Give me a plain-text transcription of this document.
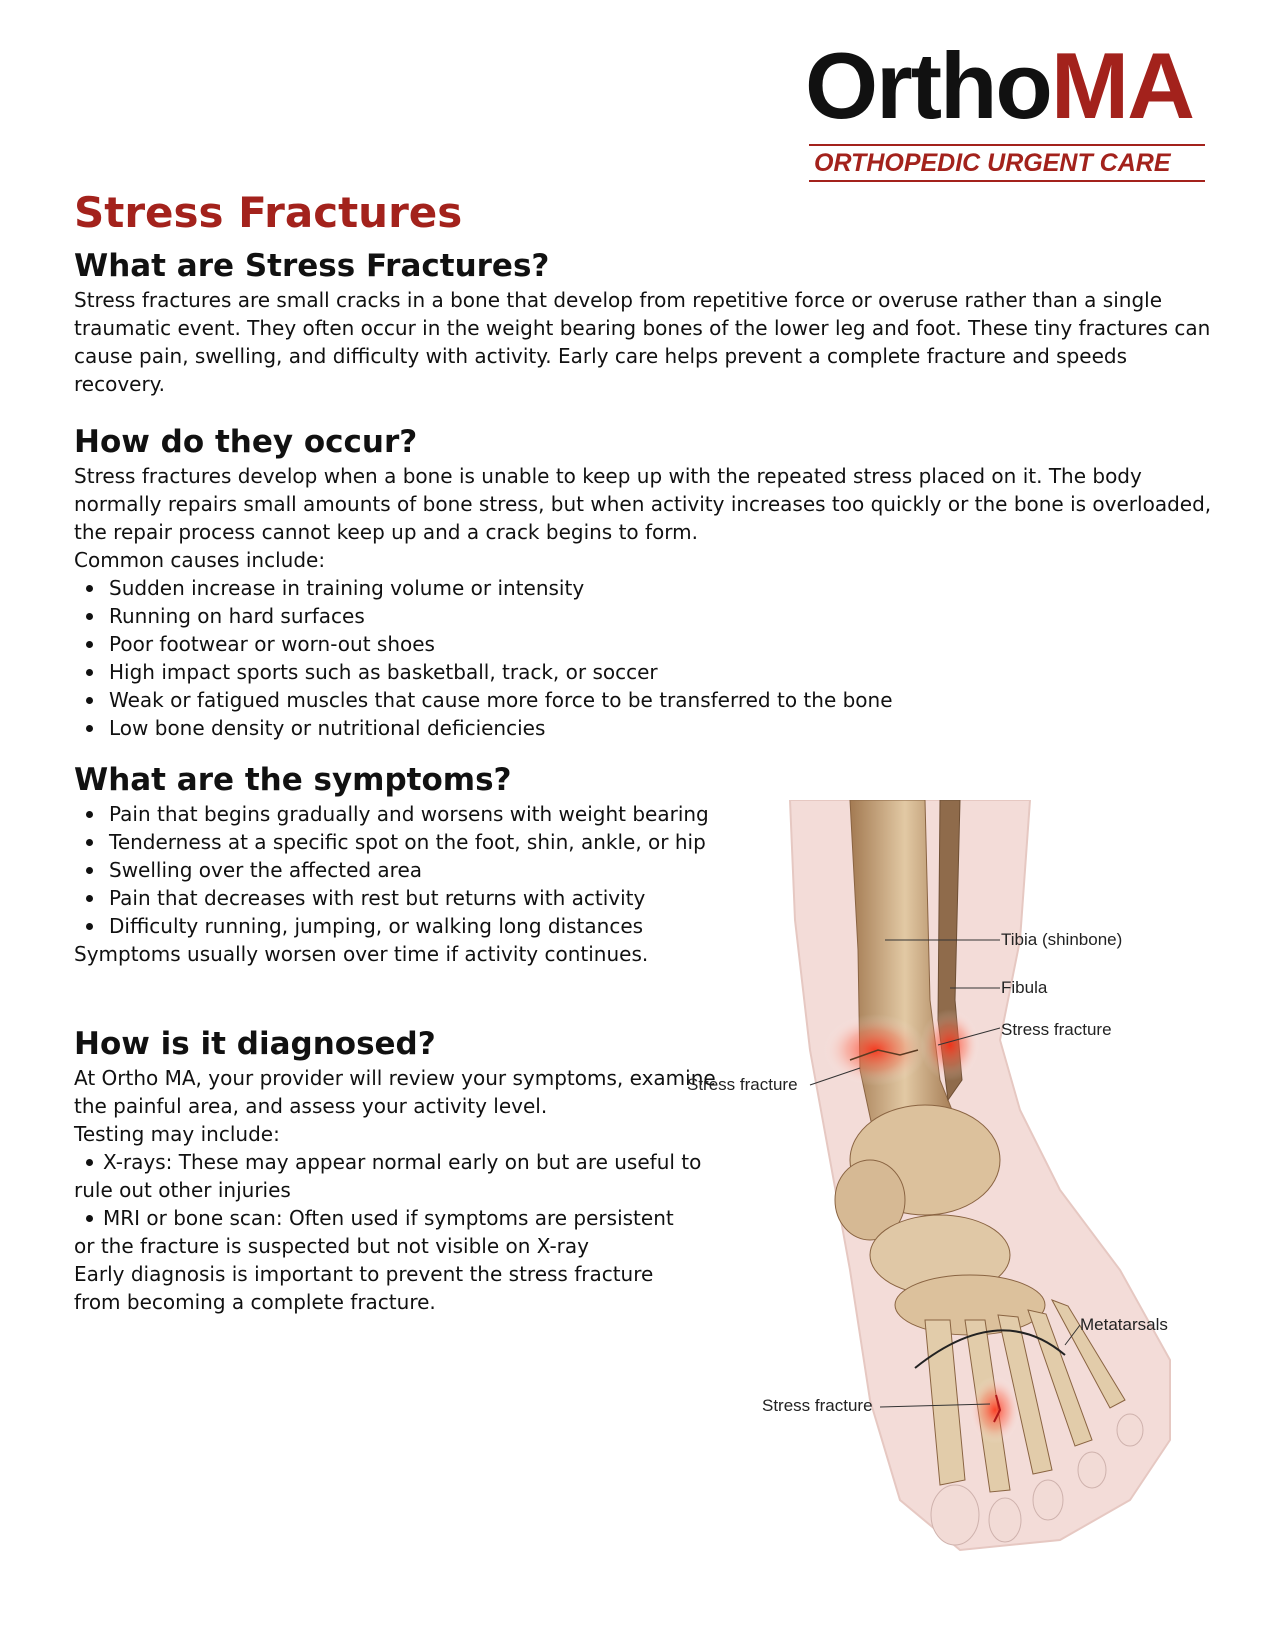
OrthoMA
ORTHOPEDIC URGENT CARE
Stress Fractures
What are Stress Fractures?
Stress fractures are small cracks in a bone that develop from repetitive force or overuse rather than a single
traumatic event. They often occur in the weight bearing bones of the lower leg and foot. These tiny fractures can
cause pain, swelling, and difficulty with activity. Early care helps prevent a complete fracture and speeds
recovery.
How do they occur?
Stress fractures develop when a bone is unable to keep up with the repeated stress placed on it. The body
normally repairs small amounts of bone stress, but when activity increases too quickly or the bone is overloaded,
the repair process cannot keep up and a crack begins to form.
Common causes include:
Sudden increase in training volume or intensity
Running on hard surfaces
Poor footwear or worn-out shoes
High impact sports such as basketball, track, or soccer
Weak or fatigued muscles that cause more force to be transferred to the bone
Low bone density or nutritional deficiencies
What are the symptoms?
Pain that begins gradually and worsens with weight bearing
Tenderness at a specific spot on the foot, shin, ankle, or hip
Swelling over the affected area
Pain that decreases with rest but returns with activity
Difficulty running, jumping, or walking long distances
Symptoms usually worsen over time if activity continues.
How is it diagnosed?
At Ortho MA, your provider will review your symptoms, examine
the painful area, and assess your activity level.
Testing may include:
X-rays: These may appear normal early on but are useful to
rule out other injuries
MRI or bone scan: Often used if symptoms are persistent
or the fracture is suspected but not visible on X-ray
Early diagnosis is important to prevent the stress fracture
from becoming a complete fracture.
Tibia (shinbone)
Fibula
Stress fracture
Stress fracture
Metatarsals
Stress fracture
